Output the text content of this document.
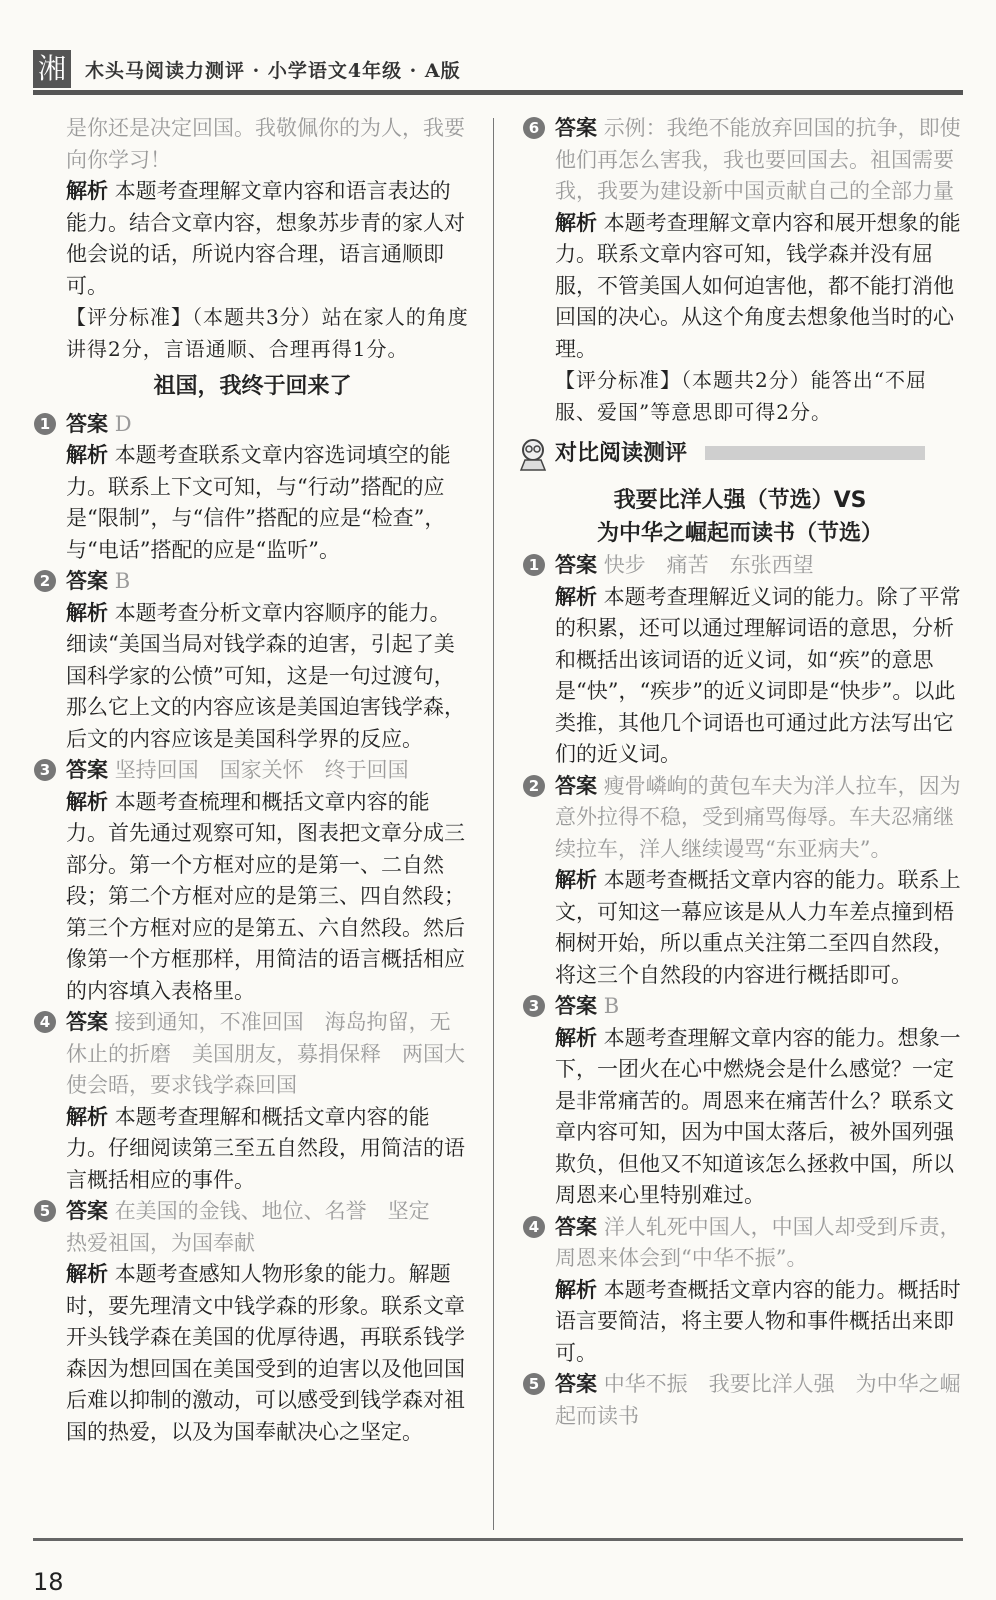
湘 木头马阅读力测评 · 小学语文4年级 · A版

是你还是决定回国。我敬佩你的为人，我要向你学习！

解析 本题考查理解文章内容和语言表达的能力。结合文章内容，想象苏步青的家人对他会说的话，所说内容合理，语言通顺即可。

【评分标准】（本题共3分）站在家人的角度讲得2分，言语通顺、合理再得1分。

祖国，我终于回来了
1 答案 D

解析 本题考查联系文章内容选词填空的能力。联系上下文可知，与“行动”搭配的应是“限制”，与“信件”搭配的应是“检查”，与“电话”搭配的应是“监听”。

2 答案 B

解析 本题考查分析文章内容顺序的能力。细读“美国当局对钱学森的迫害，引起了美国科学家的公愤”可知，这是一句过渡句，那么它上文的内容应该是美国迫害钱学森，后文的内容应该是美国科学界的反应。

3 答案 坚持回国　国家关怀　终于回国

解析 本题考查梳理和概括文章内容的能力。首先通过观察可知，图表把文章分成三部分。第一个方框对应的是第一、二自然段；第二个方框对应的是第三、四自然段；第三个方框对应的是第五、六自然段。然后像第一个方框那样，用简洁的语言概括相应的内容填入表格里。

4 答案 接到通知，不准回国　海岛拘留，无休止的折磨　美国朋友，募捐保释　两国大使会晤，要求钱学森回国

解析 本题考查理解和概括文章内容的能力。仔细阅读第三至五自然段，用简洁的语言概括相应的事件。

5 答案 在美国的金钱、地位、名誉　坚定　热爱祖国，为国奉献

解析 本题考查感知人物形象的能力。解题时，要先理清文中钱学森的形象。联系文章开头钱学森在美国的优厚待遇，再联系钱学森因为想回国在美国受到的迫害以及他回国后难以抑制的激动，可以感受到钱学森对祖国的热爱，以及为国奉献决心之坚定。

6 答案 示例：我绝不能放弃回国的抗争，即使他们再怎么害我，我也要回国去。祖国需要我，我要为建设新中国贡献自己的全部力量

解析 本题考查理解文章内容和展开想象的能力。联系文章内容可知，钱学森并没有屈服，不管美国人如何迫害他，都不能打消他回国的决心。从这个角度去想象他当时的心理。

【评分标准】（本题共2分）能答出“不屈服、爱国”等意思即可得2分。

对比阅读测评
我要比洋人强（节选）VS
为中华之崛起而读书（节选）
1 答案 快步　痛苦　东张西望

解析 本题考查理解近义词的能力。除了平常的积累，还可以通过理解词语的意思，分析和概括出该词语的近义词，如“疾”的意思是“快”，“疾步”的近义词即是“快步”。以此类推，其他几个词语也可通过此方法写出它们的近义词。

2 答案 瘦骨嶙峋的黄包车夫为洋人拉车，因为意外拉得不稳，受到痛骂侮辱。车夫忍痛继续拉车，洋人继续谩骂“东亚病夫”。

解析 本题考查概括文章内容的能力。联系上文，可知这一幕应该是从人力车差点撞到梧桐树开始，所以重点关注第二至四自然段，将这三个自然段的内容进行概括即可。

3 答案 B

解析 本题考查理解文章内容的能力。想象一下，一团火在心中燃烧会是什么感觉？一定是非常痛苦的。周恩来在痛苦什么？联系文章内容可知，因为中国太落后，被外国列强欺负，但他又不知道该怎么拯救中国，所以周恩来心里特别难过。

4 答案 洋人轧死中国人，中国人却受到斥责，周恩来体会到“中华不振”。

解析 本题考查概括文章内容的能力。概括时语言要简洁，将主要人物和事件概括出来即可。

5 答案 中华不振　我要比洋人强　为中华之崛起而读书

18
